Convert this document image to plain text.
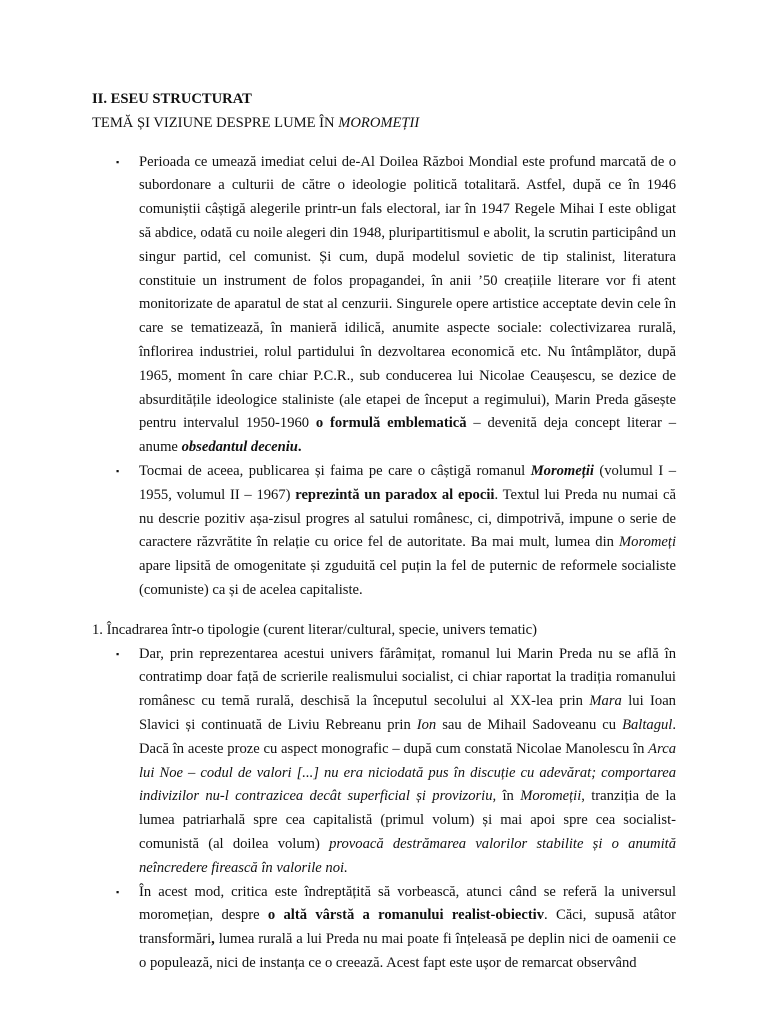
II. ESEU STRUCTURAT

TEMĂ ȘI VIZIUNE DESPRE LUME ÎN MOROMEȚII

▪ Perioada ce umează imediat celui de-Al Doilea Război Mondial este profund marcată de o subordonare a culturii de către o ideologie politică totalitară. Astfel, după ce în 1946 comuniștii câștigă alegerile printr-un fals electoral, iar în 1947 Regele Mihai I este obligat să abdice, odată cu noile alegeri din 1948, pluripartitismul e abolit, la scrutin participând un singur partid, cel comunist. Și cum, după modelul sovietic de tip stalinist, literatura constituie un instrument de folos propagandei, în anii ’50 creațiile literare vor fi atent monitorizate de aparatul de stat al cenzurii. Singurele opere artistice acceptate devin cele în care se tematizează, în manieră idilică, anumite aspecte sociale: colectivizarea rurală, înflorirea industriei, rolul partidului în dezvoltarea economică etc. Nu întâmplător, după 1965, moment în care chiar P.C.R., sub conducerea lui Nicolae Ceaușescu, se dezice de absurditățile ideologice staliniste (ale etapei de început a regimului), Marin Preda găsește pentru intervalul 1950-1960 o formulă emblematică – devenită deja concept literar – anume obsedantul deceniu.
▪ Tocmai de aceea, publicarea și faima pe care o câștigă romanul Moromeții (volumul I – 1955, volumul II – 1967) reprezintă un paradox al epocii. Textul lui Preda nu numai că nu descrie pozitiv așa-zisul progres al satului românesc, ci, dimpotrivă, impune o serie de caractere răzvrătite în relație cu orice fel de autoritate. Ba mai mult, lumea din Moromeți apare lipsită de omogenitate și zguduită cel puțin la fel de puternic de reformele socialiste (comuniste) ca și de acelea capitaliste.

1. Încadrarea într-o tipologie (curent literar/cultural, specie, univers tematic)

▪ Dar, prin reprezentarea acestui univers fărâmițat, romanul lui Marin Preda nu se află în contratimp doar față de scrierile realismului socialist, ci chiar raportat la tradiția romanului românesc cu temă rurală, deschisă la începutul secolului al XX-lea prin Mara lui Ioan Slavici și continuată de Liviu Rebreanu prin Ion sau de Mihail Sadoveanu cu Baltagul. Dacă în aceste proze cu aspect monografic – după cum constată Nicolae Manolescu în Arca lui Noe – codul de valori [...] nu era niciodată pus în discuție cu adevărat; comportarea indivizilor nu-l contrazicea decât superficial și provizoriu, în Moromeții, tranziția de la lumea patriarhală spre cea capitalistă (primul volum) și mai apoi spre cea socialist-comunistă (al doilea volum) provoacă destrămarea valorilor stabilite și o anumită neîncredere firească în valorile noi.
▪ În acest mod, critica este îndreptățită să vorbească, atunci când se referă la universul moromețian, despre o altă vârstă a romanului realist-obiectiv. Căci, supusă atâtor transformări, lumea rurală a lui Preda nu mai poate fi înțeleasă pe deplin nici de oamenii ce o populează, nici de instanța ce o creează. Acest fapt este ușor de remarcat observând
